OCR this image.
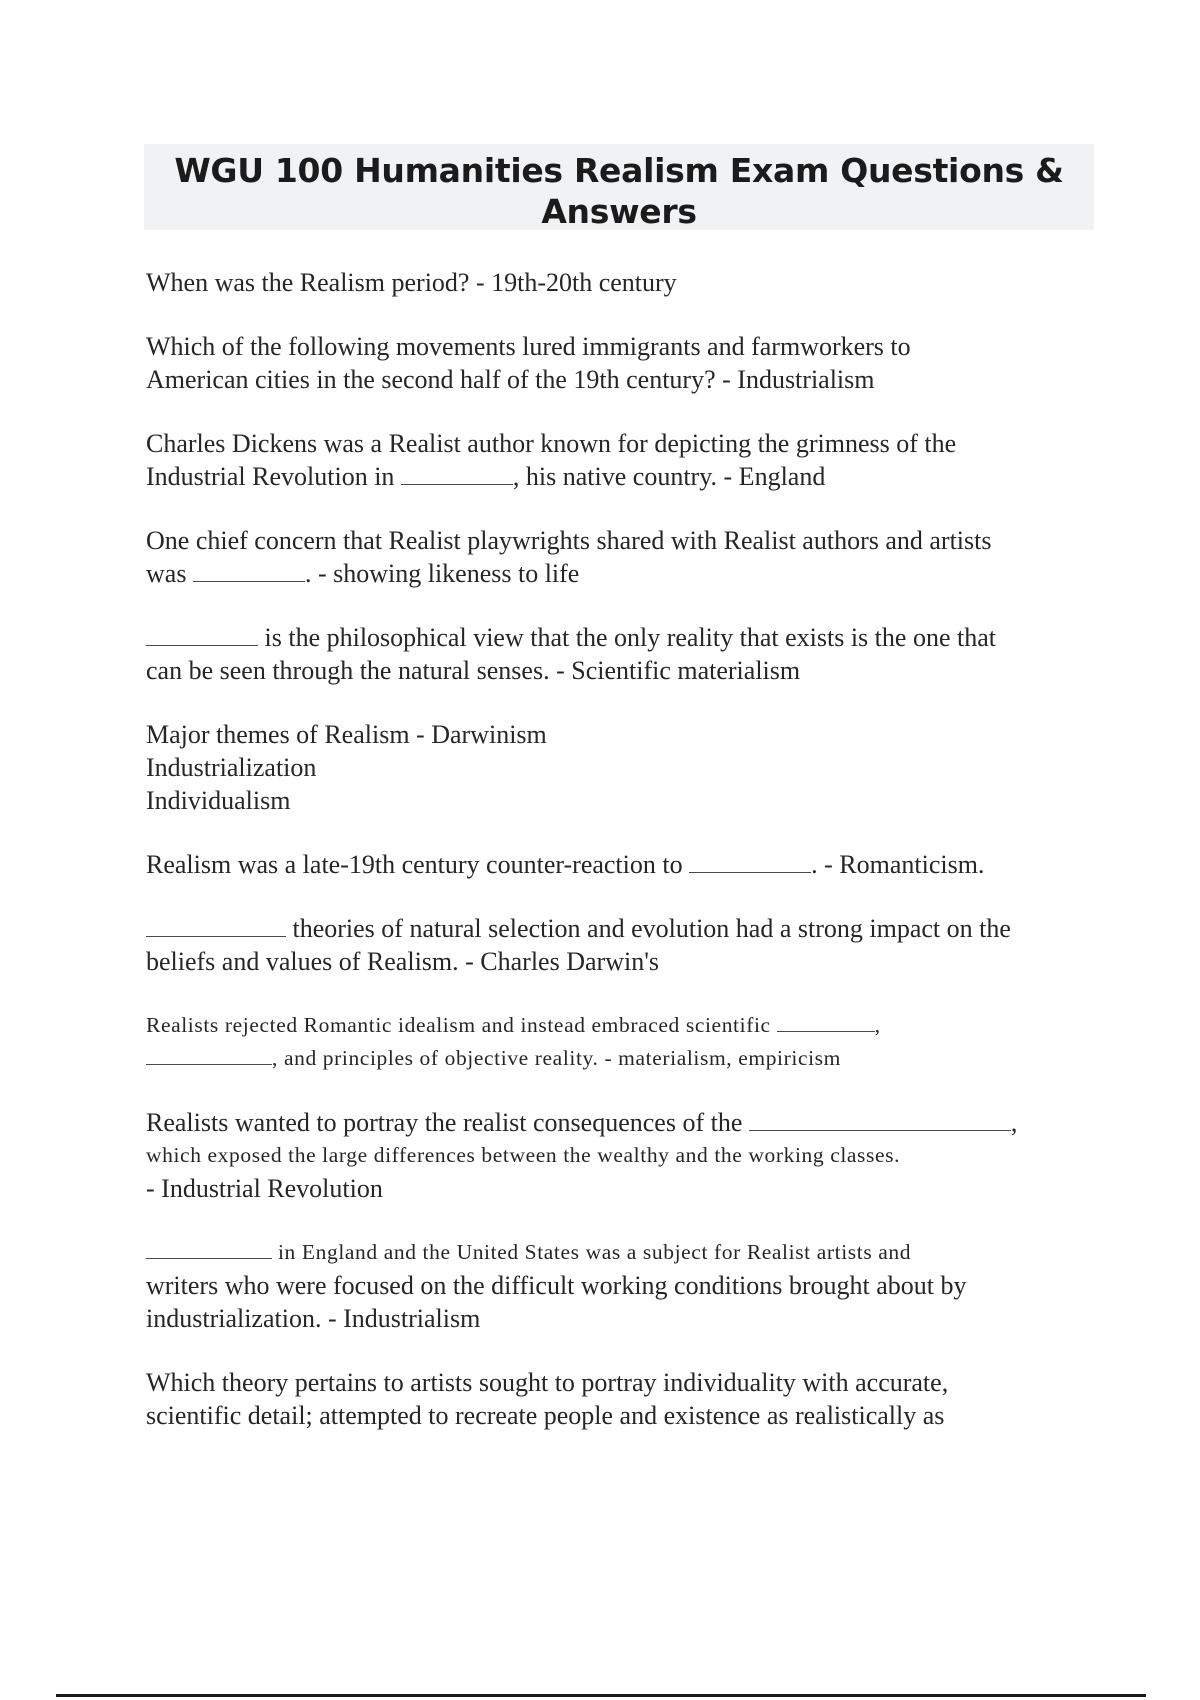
WGU 100 Humanities Realism Exam Questions &
Answers

When was the Realism period? - 19th-20th century

Which of the following movements lured immigrants and farmworkers to
American cities in the second half of the 19th century? - Industrialism

Charles Dickens was a Realist author known for depicting the grimness of the
Industrial Revolution in	, his native country. - England

One chief concern that Realist playwrights shared with Realist authors and artists
was	. - showing likeness to life

is the philosophical view that the only reality that exists is the one that
can be seen through the natural senses. - Scientific materialism

Major themes of Realism - Darwinism
Industrialization
Individualism

Realism was a late-19th century counter-reaction to	. - Romanticism.

theories of natural selection and evolution had a strong impact on the
beliefs and values of Realism. - Charles Darwin's

Realists rejected Romantic idealism and instead embraced scientific	,
, and principles of objective reality. - materialism, empiricism

Realists wanted to portray the realist consequences of the	,
which exposed the large differences between the wealthy and the working classes.
- Industrial Revolution

in England and the United States was a subject for Realist artists and
writers who were focused on the difficult working conditions brought about by
industrialization. - Industrialism

Which theory pertains to artists sought to portray individuality with accurate,
scientific detail; attempted to recreate people and existence as realistically as
